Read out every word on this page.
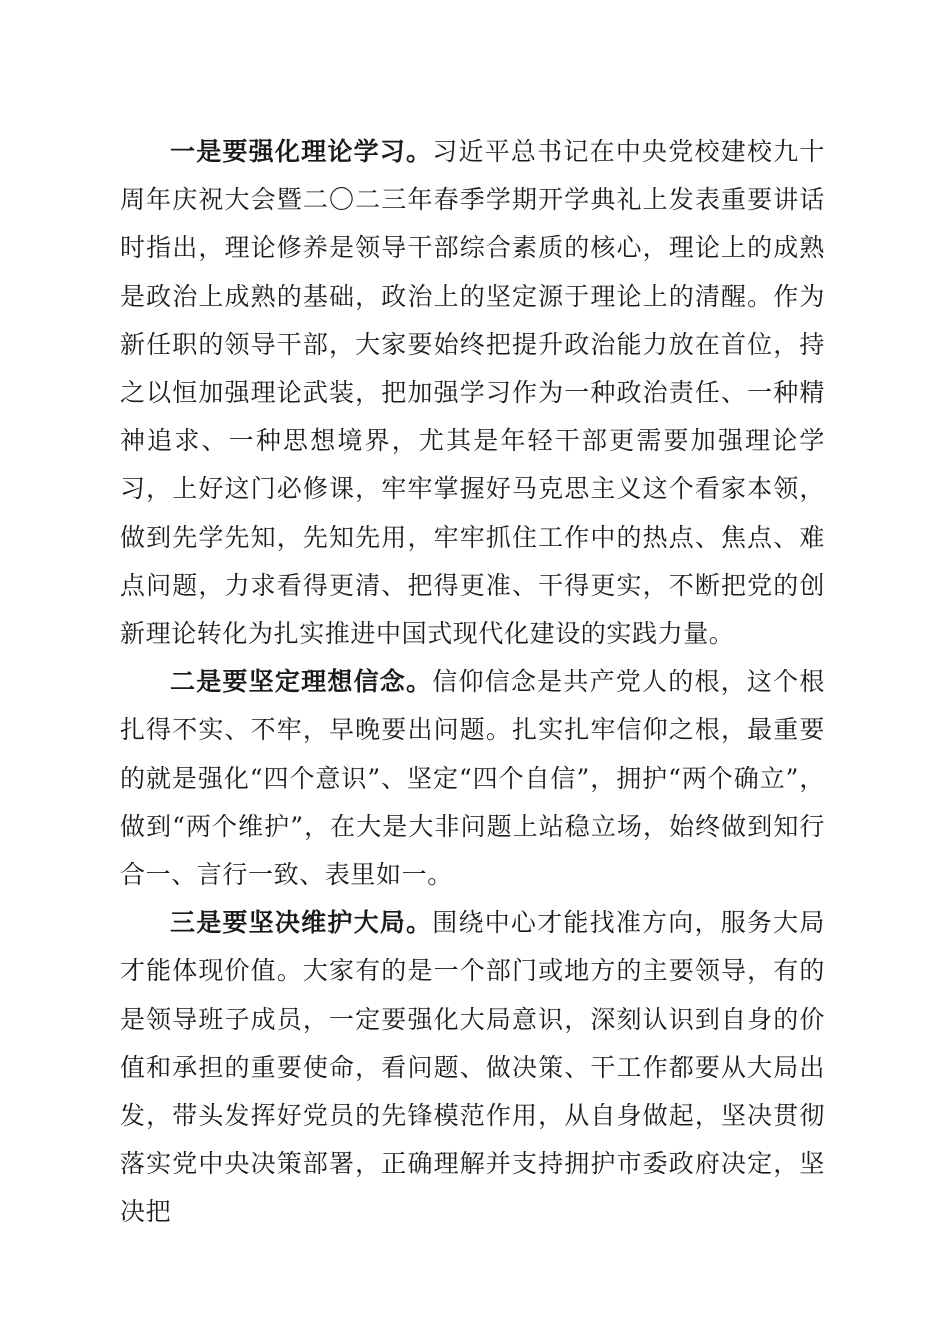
一是要强化理论学习。习近平总书记在中央党校建校九十周年庆祝大会暨二〇二三年春季学期开学典礼上发表重要讲话时指出，理论修养是领导干部综合素质的核心，理论上的成熟是政治上成熟的基础，政治上的坚定源于理论上的清醒。作为新任职的领导干部，大家要始终把提升政治能力放在首位，持之以恒加强理论武装，把加强学习作为一种政治责任、一种精神追求、一种思想境界，尤其是年轻干部更需要加强理论学习，上好这门必修课，牢牢掌握好马克思主义这个看家本领，做到先学先知，先知先用，牢牢抓住工作中的热点、焦点、难点问题，力求看得更清、把得更准、干得更实，不断把党的创新理论转化为扎实推进中国式现代化建设的实践力量。

二是要坚定理想信念。信仰信念是共产党人的根，这个根扎得不实、不牢，早晚要出问题。扎实扎牢信仰之根，最重要的就是强化“四个意识”、坚定“四个自信”，拥护“两个确立”，做到“两个维护”，在大是大非问题上站稳立场，始终做到知行合一、言行一致、表里如一。

三是要坚决维护大局。围绕中心才能找准方向，服务大局才能体现价值。大家有的是一个部门或地方的主要领导，有的是领导班子成员，一定要强化大局意识，深刻认识到自身的价值和承担的重要使命，看问题、做决策、干工作都要从大局出发，带头发挥好党员的先锋模范作用，从自身做起，坚决贯彻落实党中央决策部署，正确理解并支持拥护市委政府决定，坚决把
